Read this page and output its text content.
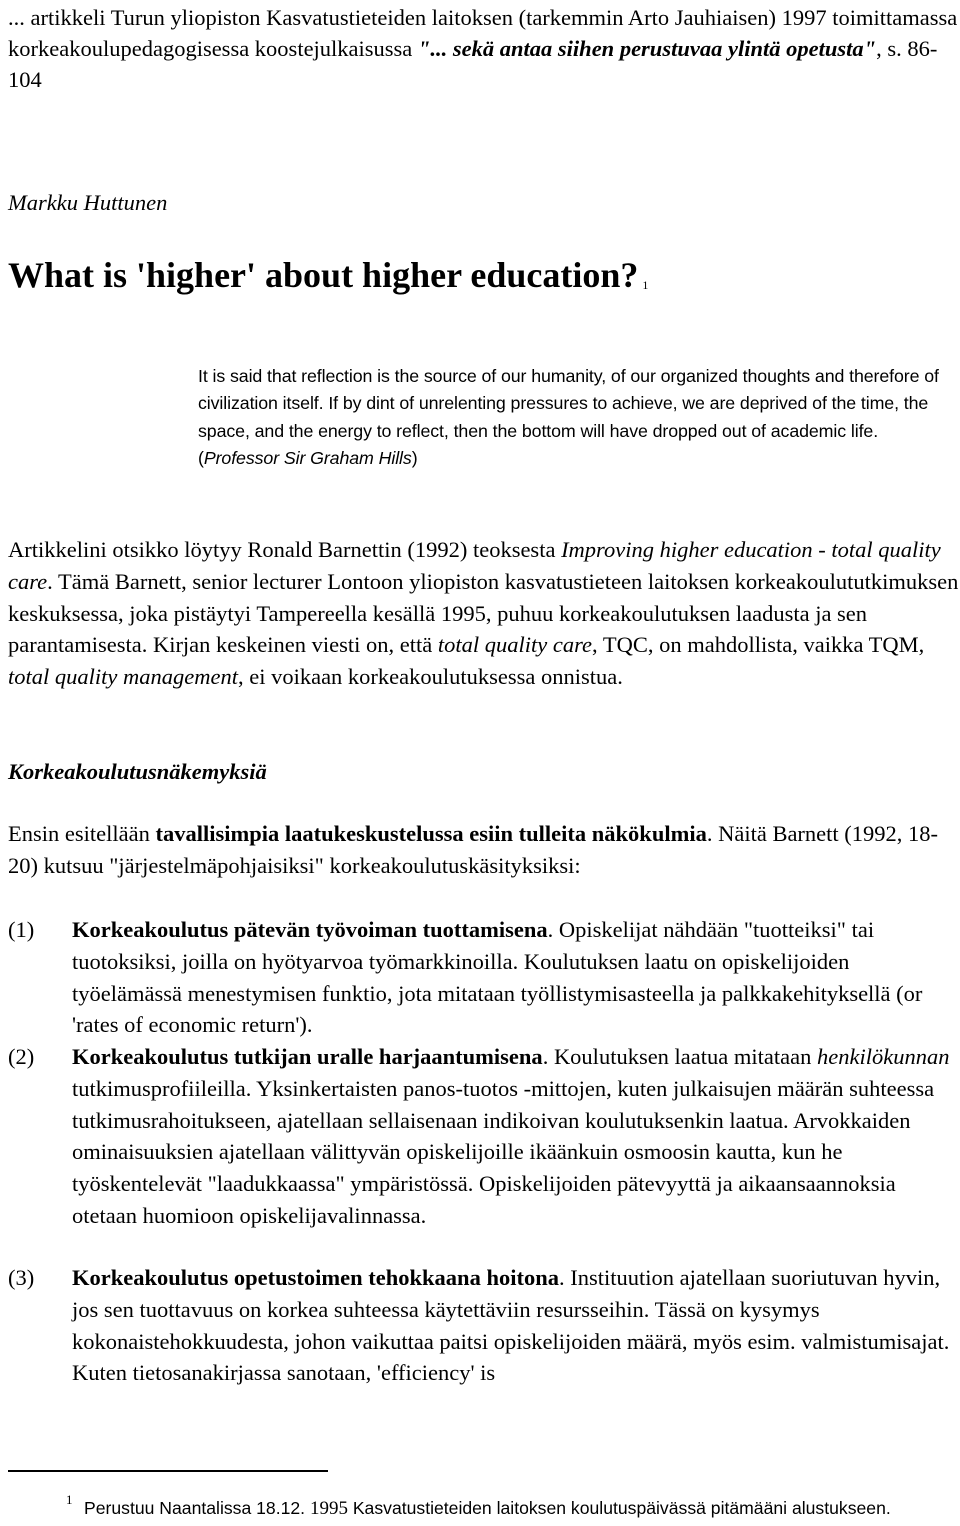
... artikkeli Turun yliopiston Kasvatustieteiden laitoksen (tarkemmin Arto Jauhiaisen) 1997 toimittamassa korkeakoulupedagogisessa koostejulkaisussa "... sekä antaa siihen perustuvaa ylintä opetusta", s. 86-104
Markku Huttunen
What is 'higher' about higher education? $^1$
It is said that reflection is the source of our humanity, of our organized thoughts and therefore of civilization itself. If by dint of unrelenting pressures to achieve, we are deprived of the time, the space, and the energy to reflect, then the bottom will have dropped out of academic life. (Professor Sir Graham Hills)
Artikkelini otsikko löytyy Ronald Barnettin (1992) teoksesta Improving higher education - total quality care. Tämä Barnett, senior lecturer Lontoon yliopiston kasvatustieteen laitoksen korkeakoulututkimuksen keskuksessa, joka pistäytyi Tampereella kesällä 1995, puhuu korkeakoulutuksen laadusta ja sen parantamisesta. Kirjan keskeinen viesti on, että total quality care, TQC, on mahdollista, vaikka TQM, total quality management, ei voikaan korkeakoulutuksessa onnistua.
Korkeakoulutusnäkemyksiä
Ensin esitellään tavallisimpia laatukeskustelussa esiin tulleita näkökulmia. Näitä Barnett (1992, 18-20) kutsuu "järjestelmäpohjaisiksi" korkeakoulutuskäsityksiksi:
(1) Korkeakoulutus pätevän työvoiman tuottamisena. Opiskelijat nähdään "tuotteiksi" tai tuotoksiksi, joilla on hyötyarvoa työmarkkinoilla. Koulutuksen laatu on opiskelijoiden työelämässä menestymisen funktio, jota mitataan työllistymisasteella ja palkkakehityksellä (or 'rates of economic return').
(2) Korkeakoulutus tutkijan uralle harjaantumisena. Koulutuksen laatua mitataan henkilökunnan tutkimusprofiileilla. Yksinkertaisten panos-tuotos -mittojen, kuten julkaisujen määrän suhteessa tutkimusrahoitukseen, ajatellaan sellaisenaan indikoivan koulutuksenkin laatua. Arvokkaiden ominaisuuksien ajatellaan välittyvän opiskelijoille ikäänkuin osmoosin kautta, kun he työskentelevät "laadukkaassa" ympäristössä. Opiskelijoiden pätevyyttä ja aikaansaannoksia otetaan huomioon opiskelijavalinnassa.
(3) Korkeakoulutus opetustoimen tehokkaana hoitona. Instituution ajatellaan suoriutuvan hyvin, jos sen tuottavuus on korkea suhteessa käytettäviin resursseihin. Tässä on kysymys kokonaistehokkuudesta, johon vaikuttaa paitsi opiskelijoiden määrä, myös esim. valmistumisajat. Kuten tietosanakirjassa sanotaan, 'efficiency' is
1 Perustuu Naantalissa 18.12. 1995 Kasvatustieteiden laitoksen koulutuspäivässä pitämääni alustukseen.
